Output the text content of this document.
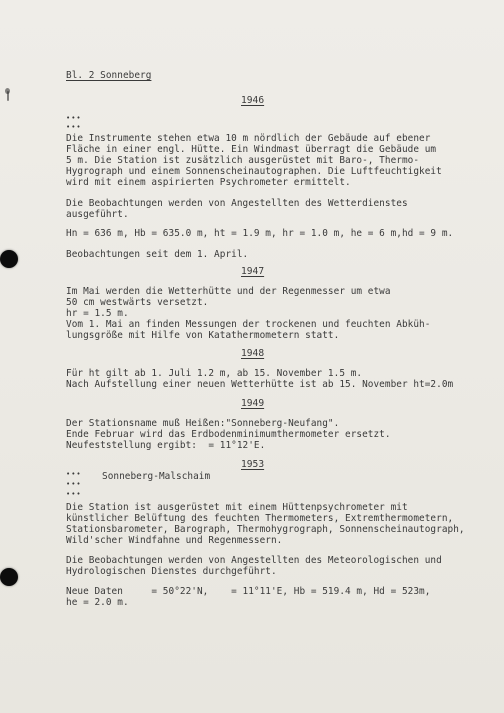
Bl. 2 Sonneberg
1946
•••
•••
Die Instrumente stehen etwa 10 m nördlich der Gebäude auf ebener
Fläche in einer engl. Hütte. Ein Windmast überragt die Gebäude um
5 m. Die Station ist zusätzlich ausgerüstet mit Baro-, Thermo-
Hygrograph und einem Sonnenscheinautographen. Die Luftfeuchtigkeit
wird mit einem aspirierten Psychrometer ermittelt.
Die Beobachtungen werden von Angestellten des Wetterdienstes
ausgeführt.
Hn = 636 m, Hb = 635.0 m, ht = 1.9 m, hr = 1.0 m, he = 6 m,hd = 9 m.
Beobachtungen seit dem 1. April.
1947
Im Mai werden die Wetterhütte und der Regenmesser um etwa
50 cm westwärts versetzt.
hr = 1.5 m.
Vom 1. Mai an finden Messungen der trockenen und feuchten Abküh-
lungsgröße mit Hilfe von Katathermometern statt.
1948
Für ht gilt ab 1. Juli 1.2 m, ab 15. November 1.5 m.
Nach Aufstellung einer neuen Wetterhütte ist ab 15. November ht=2.0m
1949
Der Stationsname muß Heißen:"Sonneberg-Neufang".
Ende Februar wird das Erdbodenminimumthermometer ersetzt.
Neufeststellung ergibt:  = 11°12'E.
1953
••• Sonneberg-Malschaim
•••
•••
Die Station ist ausgerüstet mit einem Hüttenpsychrometer mit
künstlicher Belüftung des feuchten Thermometers, Extremthermometern,
Stationsbarometer, Barograph, Thermohygrograph, Sonnenscheinautograph,
Wild'scher Windfahne und Regenmessern.
Die Beobachtungen werden von Angestellten des Meteorologischen und
Hydrologischen Dienstes durchgeführt.
Neue Daten     = 50°22'N,    = 11°11'E, Hb = 519.4 m, Hd = 523m,
he = 2.0 m.
